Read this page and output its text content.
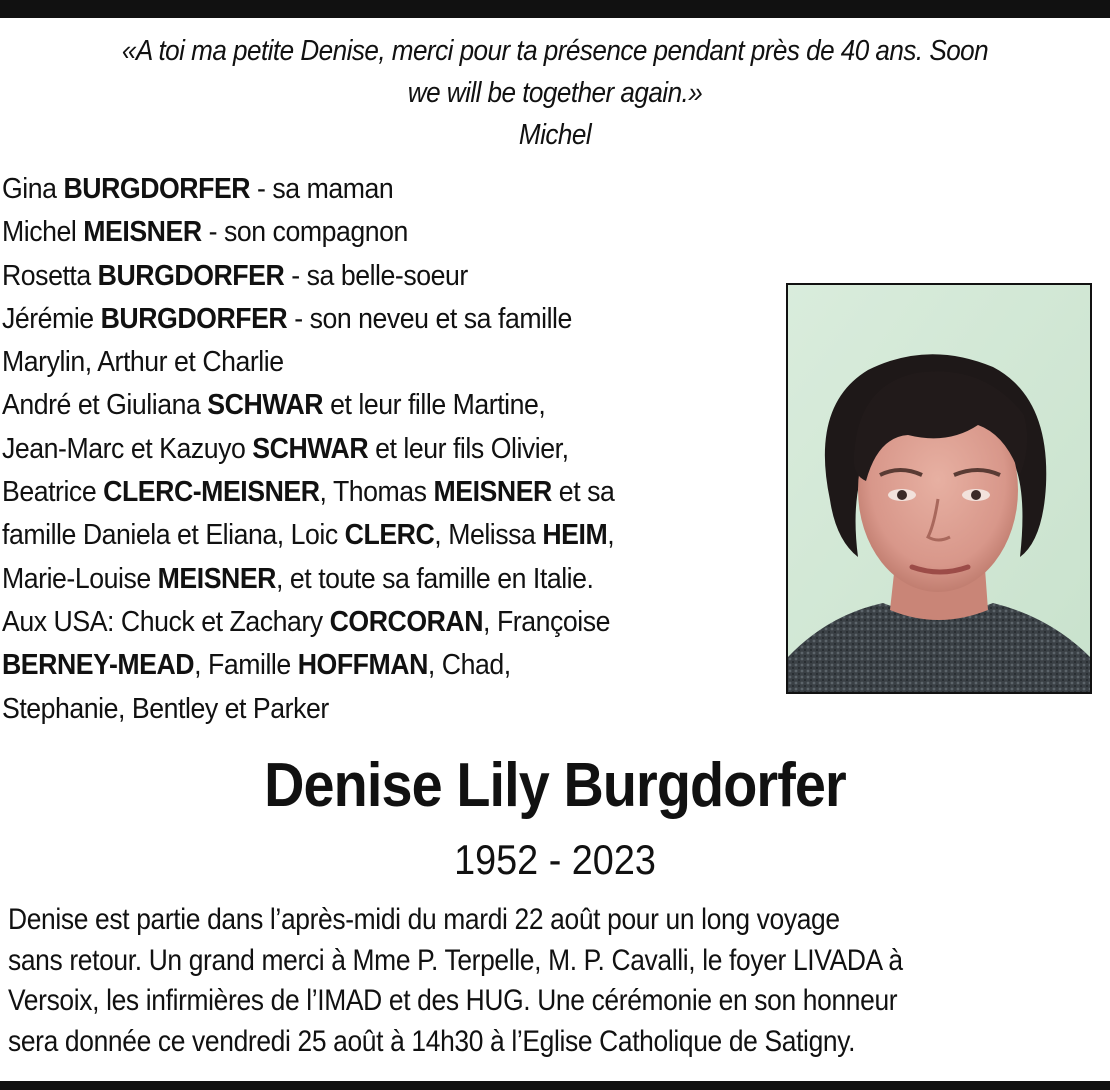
«A toi ma petite Denise, merci pour ta présence pendant près de 40 ans. Soon
we will be together again.»
Michel
Gina BURGDORFER - sa maman
Michel MEISNER - son compagnon
Rosetta BURGDORFER - sa belle-soeur
Jérémie BURGDORFER - son neveu et sa famille
Marylin, Arthur et Charlie
André et Giuliana SCHWAR et leur fille Martine,
Jean-Marc et Kazuyo SCHWAR et leur fils Olivier,
Beatrice CLERC-MEISNER, Thomas MEISNER et sa
famille Daniela et Eliana, Loic CLERC, Melissa HEIM,
Marie-Louise MEISNER, et toute sa famille en Italie.
Aux USA: Chuck et Zachary CORCORAN, Françoise
BERNEY-MEAD, Famille HOFFMAN, Chad,
Stephanie, Bentley et Parker
Denise Lily Burgdorfer
1952 - 2023
Denise est partie dans l’après-midi du mardi 22 août pour un long voyage
sans retour. Un grand merci à Mme P. Terpelle, M. P. Cavalli, le foyer LIVADA à
Versoix, les infirmières de l’IMAD et des HUG. Une cérémonie en son honneur
sera donnée ce vendredi 25 août à 14h30 à l’Eglise Catholique de Satigny.
